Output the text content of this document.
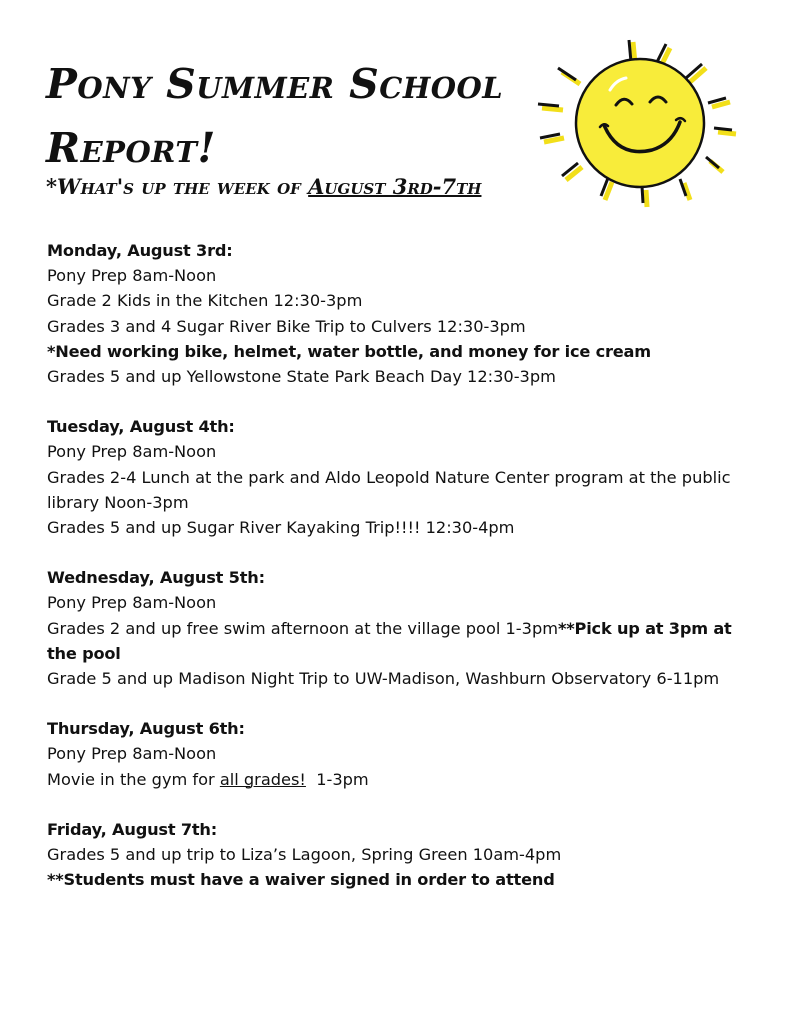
Pony Summer School Report!

*What's up the week of August 3rd-7th

Monday, August 3rd:
Pony Prep 8am-Noon
Grade 2 Kids in the Kitchen 12:30-3pm
Grades 3 and 4 Sugar River Bike Trip to Culvers 12:30-3pm
*Need working bike, helmet, water bottle, and money for ice cream
Grades 5 and up Yellowstone State Park Beach Day 12:30-3pm
Tuesday, August 4th:
Pony Prep 8am-Noon
Grades 2-4 Lunch at the park and Aldo Leopold Nature Center program at the public library Noon-3pm
Grades 5 and up Sugar River Kayaking Trip!!!! 12:30-4pm
Wednesday, August 5th:
Pony Prep 8am-Noon
Grades 2 and up free swim afternoon at the village pool 1-3pm**Pick up at 3pm at the pool
Grade 5 and up Madison Night Trip to UW-Madison, Washburn Observatory 6-11pm
Thursday, August 6th:
Pony Prep 8am-Noon
Movie in the gym for all grades!  1-3pm
Friday, August 7th:
Grades 5 and up trip to Liza’s Lagoon, Spring Green 10am-4pm
**Students must have a waiver signed in order to attend
